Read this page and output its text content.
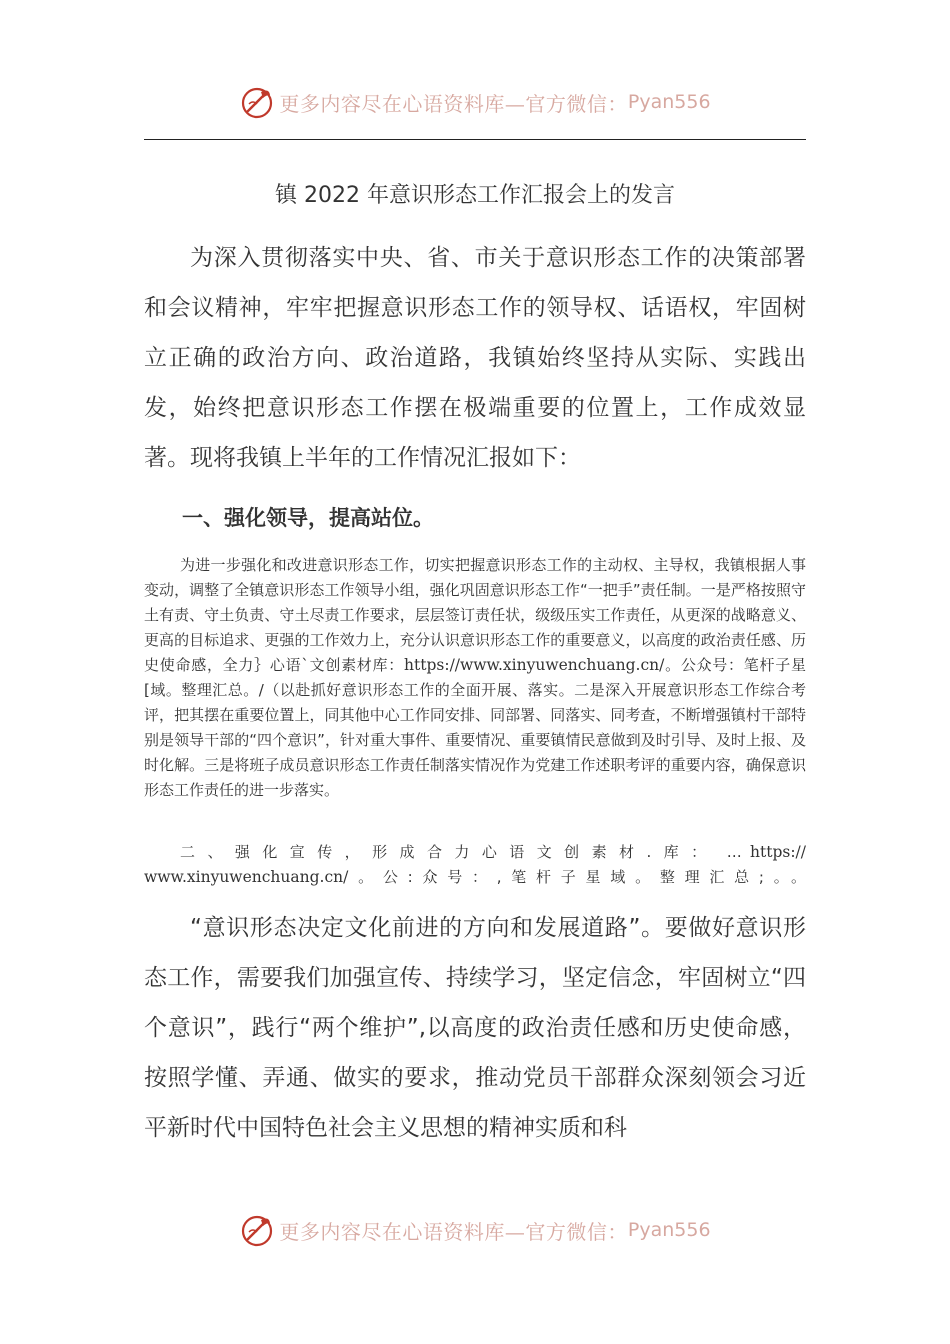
更多内容尽在心语资料库—官方微信： Pyan556
镇 2022 年意识形态工作汇报会上的发言

为深入贯彻落实中央、省、市关于意识形态工作的决策部署和会议精神，牢牢把握意识形态工作的领导权、话语权，牢固树立正确的政治方向、政治道路，我镇始终坚持从实际、实践出发，始终把意识形态工作摆在极端重要的位置上，工作成效显著。现将我镇上半年的工作情况汇报如下：

一、强化领导，提高站位。

为进一步强化和改进意识形态工作，切实把握意识形态工作的主动权、主导权，我镇根据人事变动，调整了全镇意识形态工作领导小组，强化巩固意识形态工作“一把手”责任制。一是严格按照守土有责、守土负责、守土尽责工作要求，层层签订责任状，级级压实工作责任，从更深的战略意义、更高的目标追求、更强的工作效力上，充分认识意识形态工作的重要意义，以高度的政治责任感、历史使命感，全力｝心语`文创素材库：https://www.xinyuwenchuang.cn/。公众号：笔杆子星[域。整理汇总。/（以赴抓好意识形态工作的全面开展、落实。二是深入开展意识形态工作综合考评，把其摆在重要位置上，同其他中心工作同安排、同部署、同落实、同考查，不断增强镇村干部特别是领导干部的“四个意识”，针对重大事件、重要情况、重要镇情民意做到及时引导、及时上报、及时化解。三是将班子成员意识形态工作责任制落实情况作为党建工作述职考评的重要内容，确保意识形态工作责任的进一步落实。

二、强化宣传，形成合力心语文创素材.库： … https:// www.xinyuwenchuang.cn/。公:众号：,笔杆子星域。整理汇总;。。

“意识形态决定文化前进的方向和发展道路”。要做好意识形态工作，需要我们加强宣传、持续学习，坚定信念，牢固树立“四个意识”，践行“两个维护”,以高度的政治责任感和历史使命感，按照学懂、弄通、做实的要求，推动党员干部群众深刻领会习近平新时代中国特色社会主义思想的精神实质和科

更多内容尽在心语资料库—官方微信： Pyan556
